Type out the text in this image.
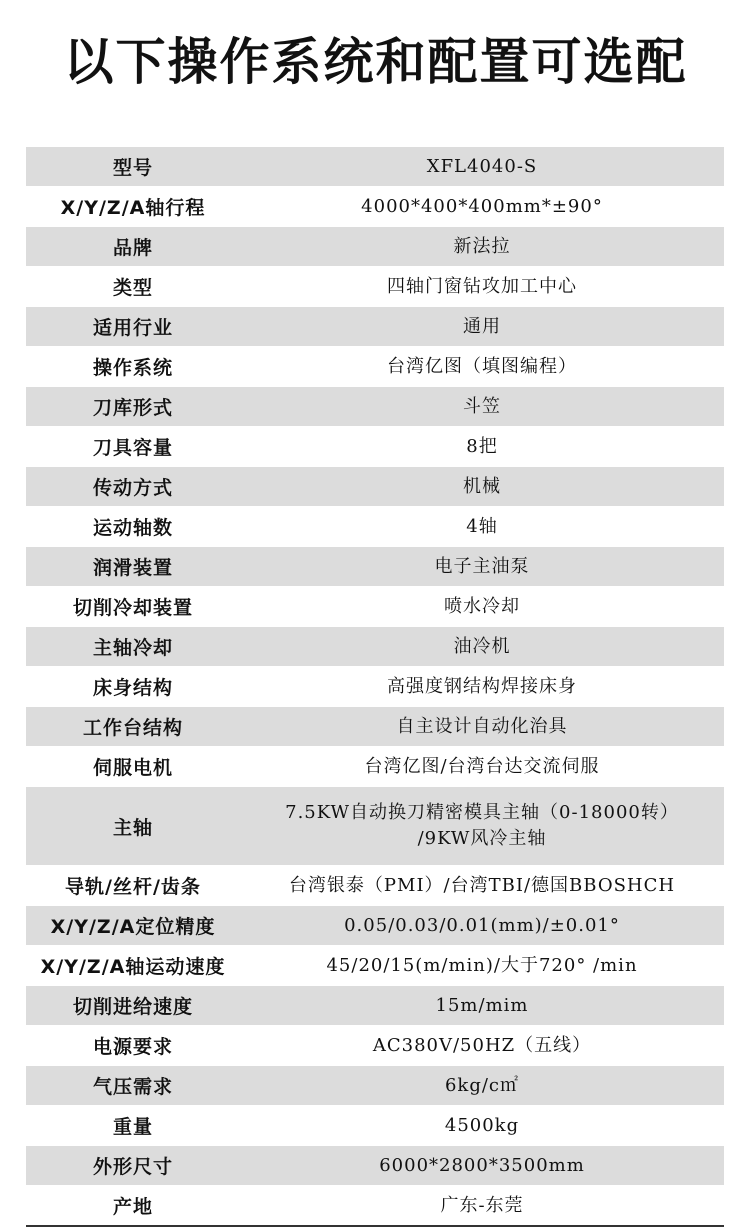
以下操作系统和配置可选配
型号	XFL4040-S
X/Y/Z/A轴行程	4000*400*400mm*±90°
品牌	新法拉
类型	四轴门窗钻攻加工中心
适用行业	通用
操作系统	台湾亿图（填图编程）
刀库形式	斗笠
刀具容量	8把
传动方式	机械
运动轴数	4轴
润滑装置	电子主油泵
切削冷却装置	喷水冷却
主轴冷却	油冷机
床身结构	高强度钢结构焊接床身
工作台结构	自主设计自动化治具
伺服电机	台湾亿图/台湾台达交流伺服
主轴	7.5KW自动换刀精密模具主轴（0-18000转）
/9KW风冷主轴

导轨/丝杆/齿条	台湾银泰（PMI）/台湾TBI/德国BBOSHCH
X/Y/Z/A定位精度	0.05/0.03/0.01(mm)/±0.01°
X/Y/Z/A轴运动速度	45/20/15(m/min)/大于720° /min
切削进给速度	15m/mim
电源要求	AC380V/50HZ（五线）
气压需求	6kg/c㎡
重量	4500kg
外形尺寸	6000*2800*3500mm
产地	广东-东莞
